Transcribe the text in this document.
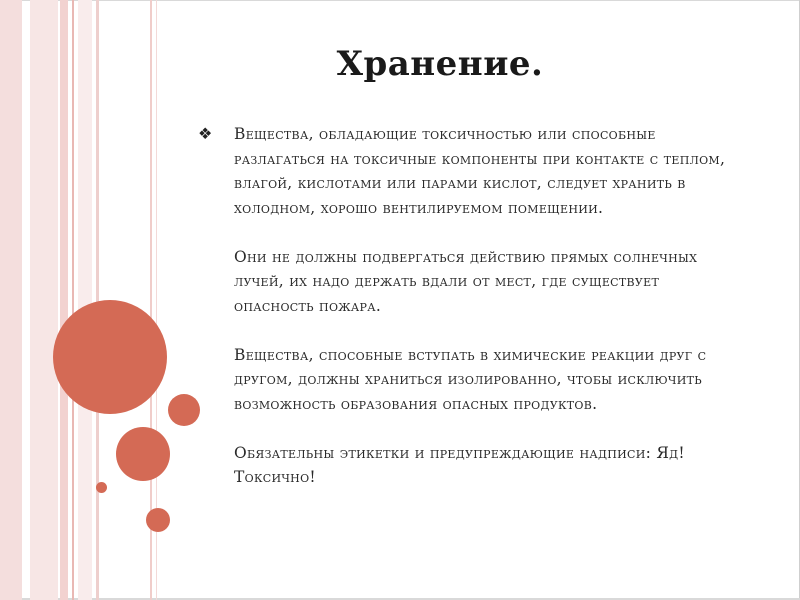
Хранение.
❖ Вещества, обладающие токсичностью или способные разлагаться на токсичные компоненты при контакте с теплом, влагой, кислотами или парами кислот, следует хранить в холодном, хорошо вентилируемом помещении.

Они не должны подвергаться действию прямых солнечных лучей, их надо держать вдали от мест, где существует опасность пожара.

Вещества, способные вступать в химические реакции друг с другом, должны храниться изолированно, чтобы исключить возможность образования опасных продуктов.

Обязательны этикетки и предупреждающие надписи: Яд! Токсично!
